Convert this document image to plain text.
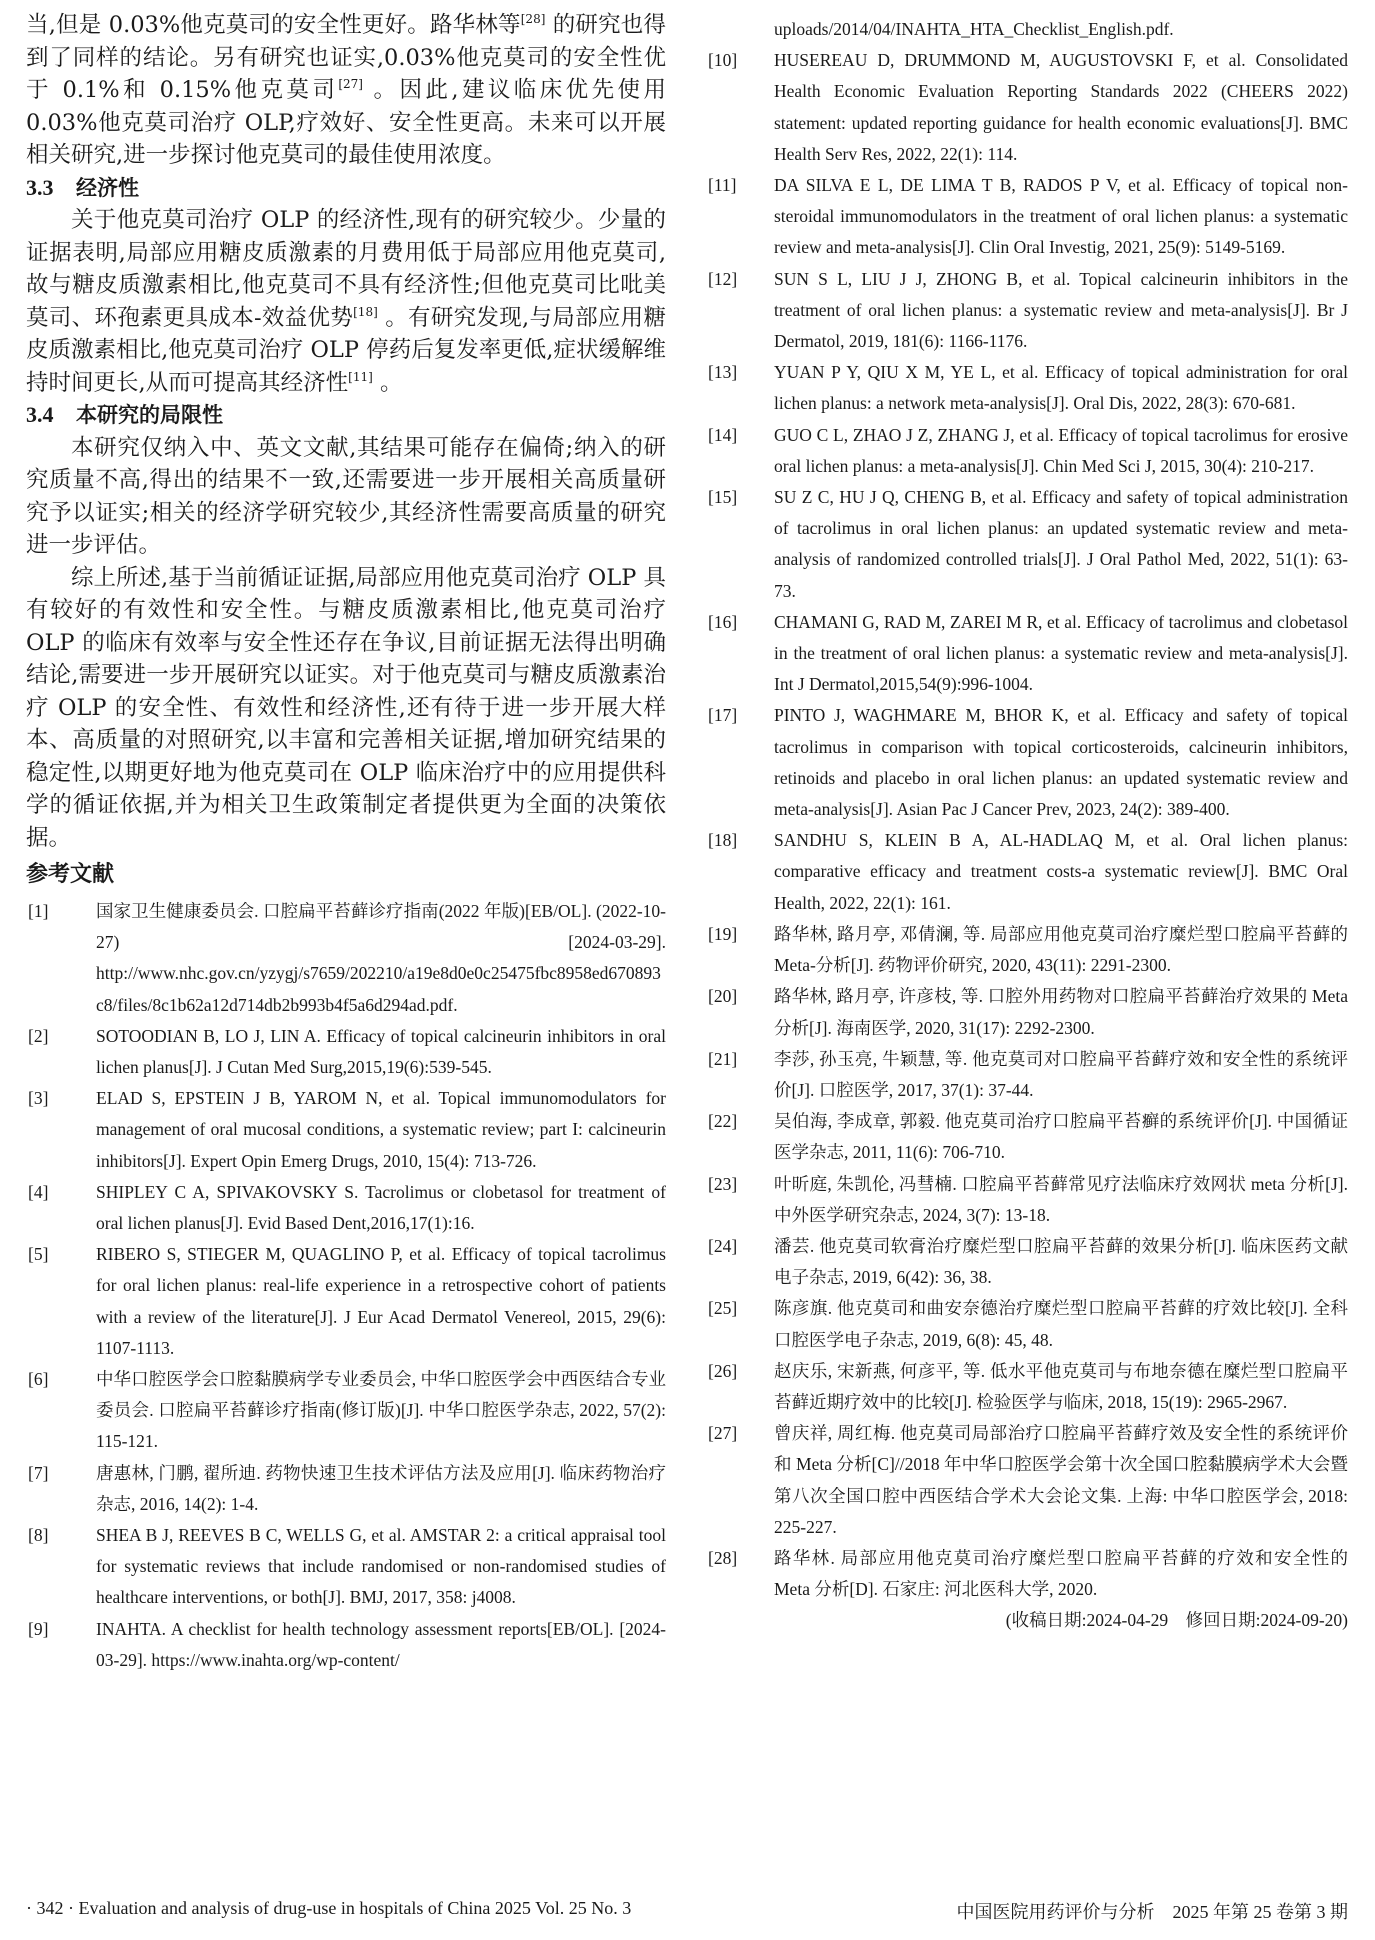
当,但是 0.03%他克莫司的安全性更好。路华林等[28] 的研究也得到了同样的结论。另有研究也证实,0.03%他克莫司的安全性优于 0.1%和 0.15%他克莫司[27] 。因此,建议临床优先使用 0.03%他克莫司治疗 OLP,疗效好、安全性更高。未来可以开展相关研究,进一步探讨他克莫司的最佳使用浓度。

3.3 经济性

关于他克莫司治疗 OLP 的经济性,现有的研究较少。少量的证据表明,局部应用糖皮质激素的月费用低于局部应用他克莫司,故与糖皮质激素相比,他克莫司不具有经济性;但他克莫司比吡美莫司、环孢素更具成本-效益优势[18] 。有研究发现,与局部应用糖皮质激素相比,他克莫司治疗 OLP 停药后复发率更低,症状缓解维持时间更长,从而可提高其经济性[11] 。

3.4 本研究的局限性

本研究仅纳入中、英文文献,其结果可能存在偏倚;纳入的研究质量不高,得出的结果不一致,还需要进一步开展相关高质量研究予以证实;相关的经济学研究较少,其经济性需要高质量的研究进一步评估。

综上所述,基于当前循证证据,局部应用他克莫司治疗 OLP 具有较好的有效性和安全性。与糖皮质激素相比,他克莫司治疗 OLP 的临床有效率与安全性还存在争议,目前证据无法得出明确结论,需要进一步开展研究以证实。对于他克莫司与糖皮质激素治疗 OLP 的安全性、有效性和经济性,还有待于进一步开展大样本、高质量的对照研究,以丰富和完善相关证据,增加研究结果的稳定性,以期更好地为他克莫司在 OLP 临床治疗中的应用提供科学的循证依据,并为相关卫生政策制定者提供更为全面的决策依据。

参考文献
[1]	国家卫生健康委员会. 口腔扁平苔藓诊疗指南(2022 年版)[EB/OL]. (2022-10-27) [2024-03-29]. http://www.nhc.gov.cn/yzygj/s7659/202210/a19e8d0e0c25475fbc8958ed670893c8/files/8c1b62a12d714db2b993b4f5a6d294ad.pdf.
[2]	SOTOODIAN B, LO J, LIN A. Efficacy of topical calcineurin inhibitors in oral lichen planus[J]. J Cutan Med Surg,2015,19(6):539-545.
[3]	ELAD S, EPSTEIN J B, YAROM N, et al. Topical immunomodulators for management of oral mucosal conditions, a systematic review; part I: calcineurin inhibitors[J]. Expert Opin Emerg Drugs, 2010, 15(4): 713-726.
[4]	SHIPLEY C A, SPIVAKOVSKY S. Tacrolimus or clobetasol for treatment of oral lichen planus[J]. Evid Based Dent,2016,17(1):16.
[5]	RIBERO S, STIEGER M, QUAGLINO P, et al. Efficacy of topical tacrolimus for oral lichen planus: real-life experience in a retrospective cohort of patients with a review of the literature[J]. J Eur Acad Dermatol Venereol, 2015, 29(6): 1107-1113.
[6]	中华口腔医学会口腔黏膜病学专业委员会, 中华口腔医学会中西医结合专业委员会. 口腔扁平苔藓诊疗指南(修订版)[J]. 中华口腔医学杂志, 2022, 57(2): 115-121.
[7]	唐惠林, 门鹏, 翟所迪. 药物快速卫生技术评估方法及应用[J]. 临床药物治疗杂志, 2016, 14(2): 1-4.
[8]	SHEA B J, REEVES B C, WELLS G, et al. AMSTAR 2: a critical appraisal tool for systematic reviews that include randomised or non-randomised studies of healthcare interventions, or both[J]. BMJ, 2017, 358: j4008.
[9]	INAHTA. A checklist for health technology assessment reports[EB/OL]. [2024-03-29]. https://www.inahta.org/wp-content/
uploads/2014/04/INAHTA_HTA_Checklist_English.pdf.
[10]	HUSEREAU D, DRUMMOND M, AUGUSTOVSKI F, et al. Consolidated Health Economic Evaluation Reporting Standards 2022 (CHEERS 2022) statement: updated reporting guidance for health economic evaluations[J]. BMC Health Serv Res, 2022, 22(1): 114.
[11]	DA SILVA E L, DE LIMA T B, RADOS P V, et al. Efficacy of topical non-steroidal immunomodulators in the treatment of oral lichen planus: a systematic review and meta-analysis[J]. Clin Oral Investig, 2021, 25(9): 5149-5169.
[12]	SUN S L, LIU J J, ZHONG B, et al. Topical calcineurin inhibitors in the treatment of oral lichen planus: a systematic review and meta-analysis[J]. Br J Dermatol, 2019, 181(6): 1166-1176.
[13]	YUAN P Y, QIU X M, YE L, et al. Efficacy of topical administration for oral lichen planus: a network meta-analysis[J]. Oral Dis, 2022, 28(3): 670-681.
[14]	GUO C L, ZHAO J Z, ZHANG J, et al. Efficacy of topical tacrolimus for erosive oral lichen planus: a meta-analysis[J]. Chin Med Sci J, 2015, 30(4): 210-217.
[15]	SU Z C, HU J Q, CHENG B, et al. Efficacy and safety of topical administration of tacrolimus in oral lichen planus: an updated systematic review and meta-analysis of randomized controlled trials[J]. J Oral Pathol Med, 2022, 51(1): 63-73.
[16]	CHAMANI G, RAD M, ZAREI M R, et al. Efficacy of tacrolimus and clobetasol in the treatment of oral lichen planus: a systematic review and meta-analysis[J]. Int J Dermatol,2015,54(9):996-1004.
[17]	PINTO J, WAGHMARE M, BHOR K, et al. Efficacy and safety of topical tacrolimus in comparison with topical corticosteroids, calcineurin inhibitors, retinoids and placebo in oral lichen planus: an updated systematic review and meta-analysis[J]. Asian Pac J Cancer Prev, 2023, 24(2): 389-400.
[18]	SANDHU S, KLEIN B A, AL-HADLAQ M, et al. Oral lichen planus: comparative efficacy and treatment costs-a systematic review[J]. BMC Oral Health, 2022, 22(1): 161.
[19]	路华林, 路月亭, 邓倩澜, 等. 局部应用他克莫司治疗糜烂型口腔扁平苔藓的 Meta-分析[J]. 药物评价研究, 2020, 43(11): 2291-2300.
[20]	路华林, 路月亭, 许彦枝, 等. 口腔外用药物对口腔扁平苔藓治疗效果的 Meta 分析[J]. 海南医学, 2020, 31(17): 2292-2300.
[21]	李莎, 孙玉亮, 牛颖慧, 等. 他克莫司对口腔扁平苔藓疗效和安全性的系统评价[J]. 口腔医学, 2017, 37(1): 37-44.
[22]	吴伯海, 李成章, 郭毅. 他克莫司治疗口腔扁平苔癣的系统评价[J]. 中国循证医学杂志, 2011, 11(6): 706-710.
[23]	叶昕庭, 朱凯伦, 冯彗楠. 口腔扁平苔藓常见疗法临床疗效网状 meta 分析[J]. 中外医学研究杂志, 2024, 3(7): 13-18.
[24]	潘芸. 他克莫司软膏治疗糜烂型口腔扁平苔藓的效果分析[J]. 临床医药文献电子杂志, 2019, 6(42): 36, 38.
[25]	陈彦旗. 他克莫司和曲安奈德治疗糜烂型口腔扁平苔藓的疗效比较[J]. 全科口腔医学电子杂志, 2019, 6(8): 45, 48.
[26]	赵庆乐, 宋新燕, 何彦平, 等. 低水平他克莫司与布地奈德在糜烂型口腔扁平苔藓近期疗效中的比较[J]. 检验医学与临床, 2018, 15(19): 2965-2967.
[27]	曾庆祥, 周红梅. 他克莫司局部治疗口腔扁平苔藓疗效及安全性的系统评价和 Meta 分析[C]//2018 年中华口腔医学会第十次全国口腔黏膜病学术大会暨第八次全国口腔中西医结合学术大会论文集. 上海: 中华口腔医学会, 2018: 225-227.
[28]	路华林. 局部应用他克莫司治疗糜烂型口腔扁平苔藓的疗效和安全性的 Meta 分析[D]. 石家庄: 河北医科大学, 2020.
(收稿日期:2024-04-29　修回日期:2024-09-20)
· 342 · Evaluation and analysis of drug-use in hospitals of China 2025 Vol. 25 No. 3	中国医院用药评价与分析　2025 年第 25 卷第 3 期
